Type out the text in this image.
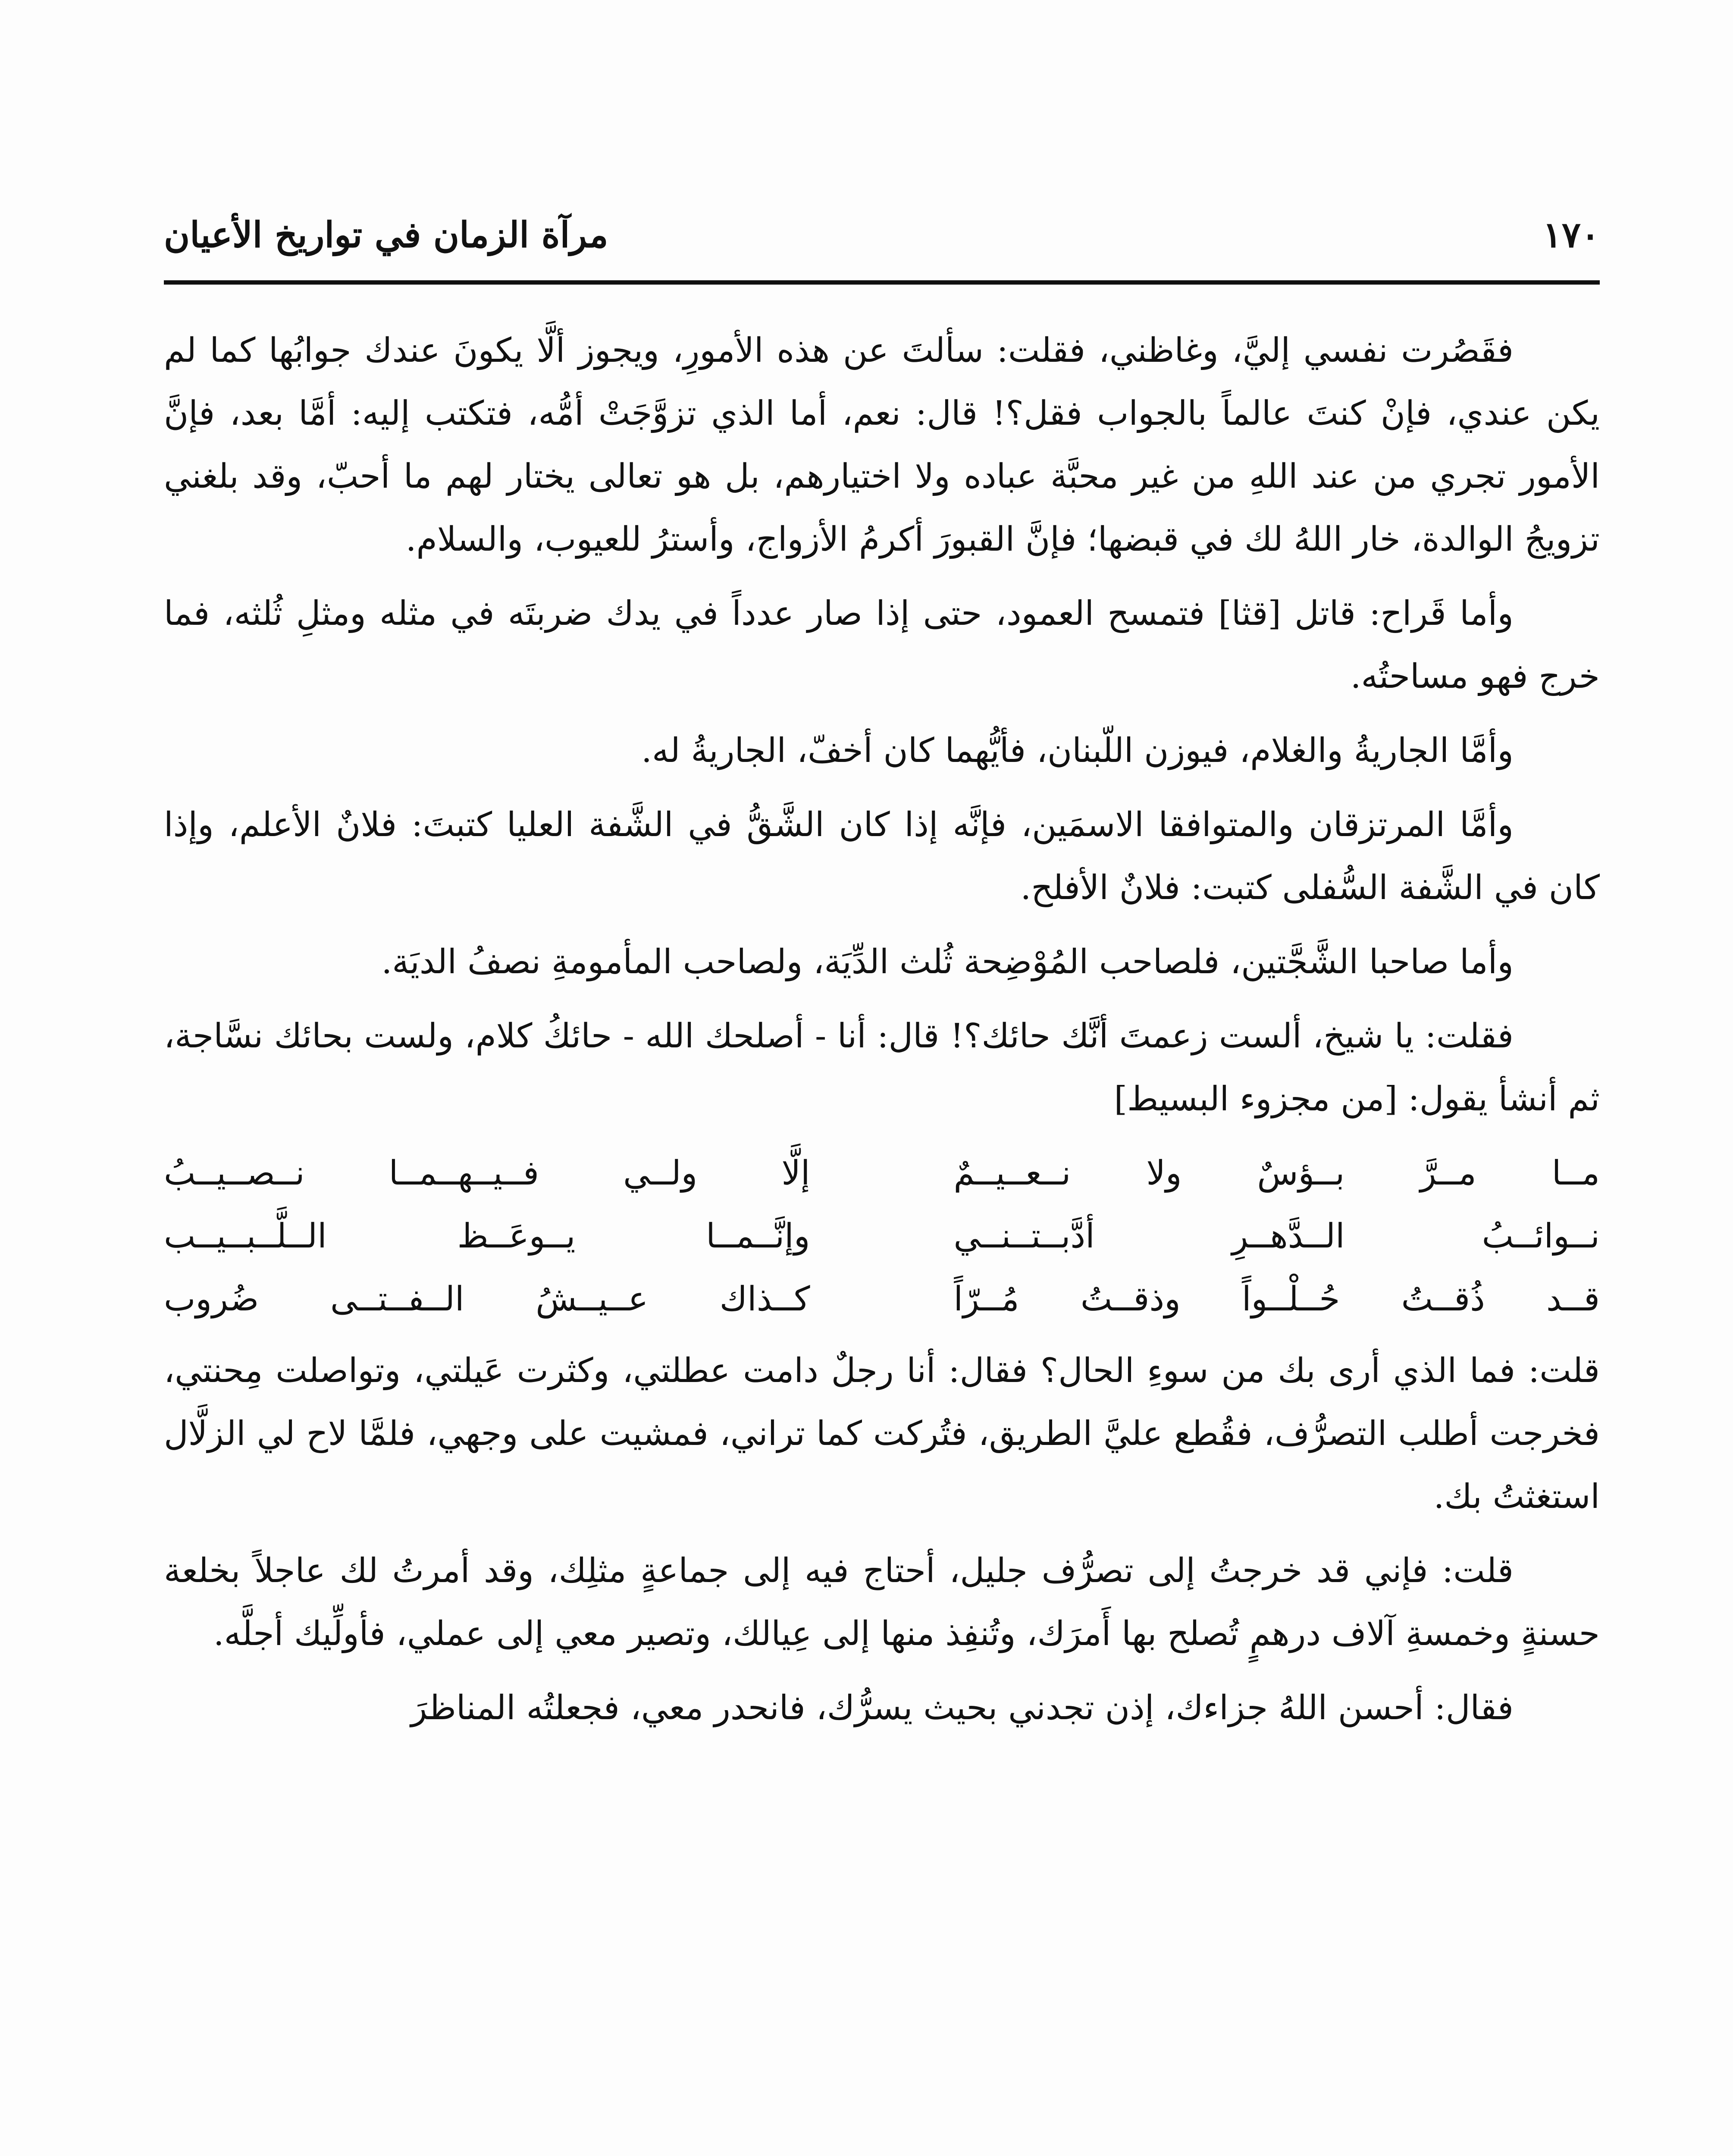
١٧٠
مرآة الزمان في تواريخ الأعيان

فقَصُرت نفسي إليَّ، وغاظني، فقلت: سألتَ عن هذه الأمورِ، ويجوز ألَّا يكونَ عندك جوابُها كما لم يكن عندي، فإنْ كنتَ عالماً بالجواب فقل؟! قال: نعم، أما الذي تزوَّجَتْ أمُّه، فتكتب إليه: أمَّا بعد، فإنَّ الأمور تجري من عند اللهِ من غير محبَّة عباده ولا اختيارهم، بل هو تعالى يختار لهم ما أحبّ، وقد بلغني تزويجُ الوالدة، خار اللهُ لك في قبضها؛ فإنَّ القبورَ أكرمُ الأزواج، وأسترُ للعيوب، والسلام.

وأما قَراح: قاتل [قثا] فتمسح العمود، حتى إذا صار عدداً في يدك ضربتَه في مثله ومثلِ ثُلثه، فما خرج فهو مساحتُه.

وأمَّا الجاريةُ والغلام، فيوزن اللّبنان، فأيُّهما كان أخفّ، الجاريةُ له.

وأمَّا المرتزقان والمتوافقا الاسمَين، فإنَّه إذا كان الشَّقُّ في الشَّفة العليا كتبتَ: فلانٌ الأعلم، وإذا كان في الشَّفة السُّفلى كتبت: فلانٌ الأفلح.

وأما صاحبا الشَّجَّتين، فلصاحب المُوْضِحة ثُلث الدِّيَة، ولصاحب المأمومةِ نصفُ الديَة.

فقلت: يا شيخ، ألست زعمتَ أنَّك حائك؟! قال: أنا - أصلحك الله - حائكُ كلام، ولست بحائك نسَّاجة، ثم أنشأ يقول: [من مجزوء البسيط]

مــا مــرَّ بــؤسٌ ولا نــعــيــمٌ
إلَّا ولــي فــيــهــمــا نــصــيــبُ
نــوائــبُ الــدَّهــرِ أدَّبــتــنــي
وإنَّــمــا يــوعَــظ الــلَّــبــيــب
قــد ذُقــتُ حُــلْــواً وذقــتُ مُــرّاً
كــذاك عــيــشُ الــفــتــى ضُروب

قلت: فما الذي أرى بك من سوءِ الحال؟ فقال: أنا رجلٌ دامت عطلتي، وكثرت عَيلتي، وتواصلت مِحنتي، فخرجت أطلب التصرُّف، فقُطع عليَّ الطريق، فتُركت كما تراني، فمشيت على وجهي، فلمَّا لاح لي الزلَّال استغثتُ بك.

قلت: فإني قد خرجتُ إلى تصرُّف جليل، أحتاج فيه إلى جماعةٍ مثلِك، وقد أمرتُ لك عاجلاً بخلعة حسنةٍ وخمسةِ آلاف درهمٍ تُصلح بها أَمرَك، وتُنفِذ منها إلى عِيالك، وتصير معي إلى عملي، فأولِّيك أجلَّه.

فقال: أحسن اللهُ جزاءك، إذن تجدني بحيث يسرُّك، فانحدر معي، فجعلتُه المناظرَ
